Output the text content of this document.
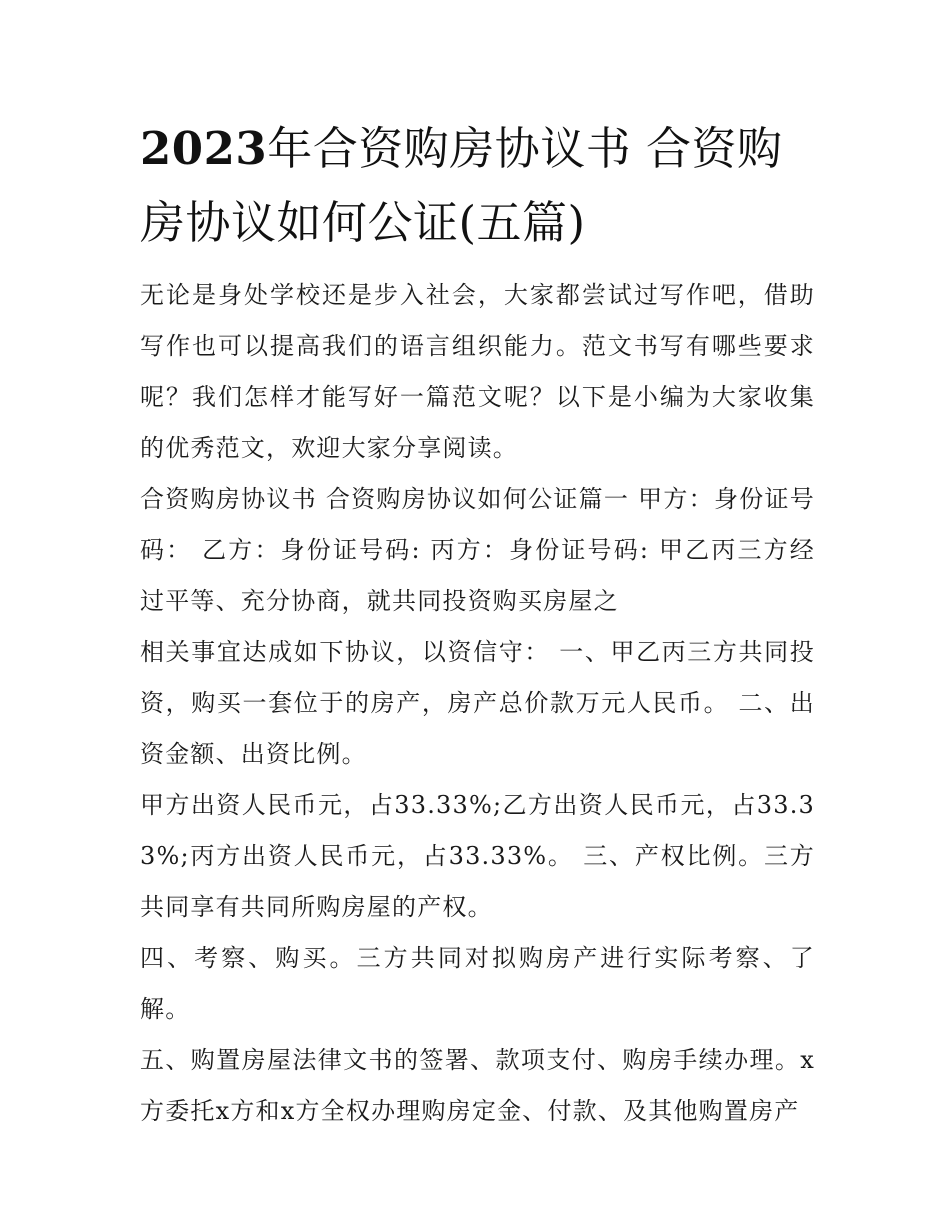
2023年合资购房协议书 合资购房协议如何公证(五篇)

无论是身处学校还是步入社会，大家都尝试过写作吧，借助写作也可以提高我们的语言组织能力。范文书写有哪些要求呢？我们怎样才能写好一篇范文呢？以下是小编为大家收集的优秀范文，欢迎大家分享阅读。

合资购房协议书 合资购房协议如何公证篇一 甲方：身份证号码： 乙方：身份证号码: 丙方：身份证号码: 甲乙丙三方经过平等、充分协商，就共同投资购买房屋之

相关事宜达成如下协议，以资信守： 一、甲乙丙三方共同投资，购买一套位于的房产，房产总价款万元人民币。 二、出资金额、出资比例。

甲方出资人民币元，占33.33%;乙方出资人民币元，占33.33%;丙方出资人民币元，占33.33%。 三、产权比例。三方共同享有共同所购房屋的产权。

四、考察、购买。三方共同对拟购房产进行实际考察、了解。

五、购置房屋法律文书的签署、款项支付、购房手续办理。x方委托x方和x方全权办理购房定金、付款、及其他购置房产
